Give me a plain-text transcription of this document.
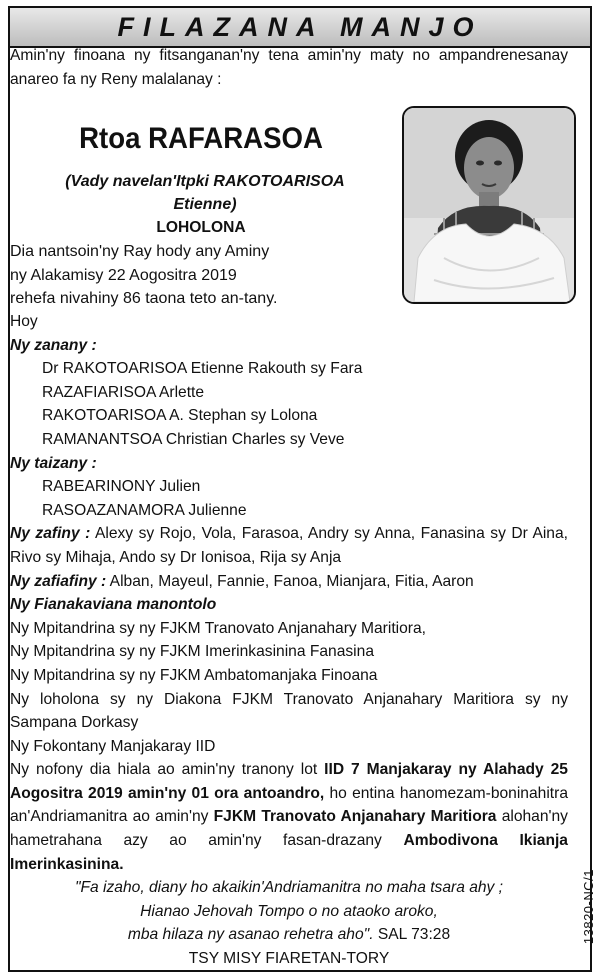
FILAZANA MANJO

Amin'ny finoana ny fitsanganan'ny tena amin'ny maty no ampandrenesanay anareo fa ny Reny malalanay :

Rtoa RAFARASOA
(Vady navelan'Itpki RAKOTOARISOA
Etienne)
LOHOLONA
Dia nantsoin'ny Ray hody any Aminy
ny Alakamisy 22 Aogositra 2019
rehefa nivahiny 86 taona teto an-tany.
Hoy
Ny zanany :
Dr RAKOTOARISOA Etienne Rakouth sy Fara
RAZAFIARISOA Arlette
RAKOTOARISOA A. Stephan sy Lolona
RAMANANTSOA Christian Charles sy Veve
Ny taizany :
RABEARINONY Julien
RASOAZANAMORA Julienne
Ny zafiny : Alexy sy Rojo, Vola, Farasoa, Andry sy Anna, Fanasina sy Dr Aina, Rivo sy Mihaja, Ando sy Dr Ionisoa, Rija sy Anja
Ny zafiafiny : Alban, Mayeul, Fannie, Fanoa, Mianjara, Fitia, Aaron
Ny Fianakaviana manontolo
Ny Mpitandrina sy ny FJKM Tranovato Anjanahary Maritiora,
Ny Mpitandrina sy ny FJKM Imerinkasinina Fanasina
Ny Mpitandrina sy ny FJKM Ambatomanjaka Finoana
Ny loholona sy ny Diakona FJKM Tranovato Anjanahary Maritiora sy ny Sampana Dorkasy
Ny Fokontany Manjakaray IID
Ny nofony dia hiala ao amin'ny tranony lot IID 7 Manjakaray ny Alahady 25 Aogositra 2019 amin'ny 01 ora antoandro, ho entina hanomezam-boninahitra an'Andriamanitra ao amin'ny FJKM Tranovato Anjanahary Maritiora alohan'ny hametrahana azy ao amin'ny fasan-drazany Ambodivona Ikianja Imerinkasinina.
"Fa izaho, diany ho akaikin'Andriamanitra no maha tsara ahy ;
Hianao Jehovah Tompo o no ataoko aroko,
mba hilaza ny asanao rehetra aho". SAL 73:28
TSY MISY FIARETAN-TORY
13820-NC/1
